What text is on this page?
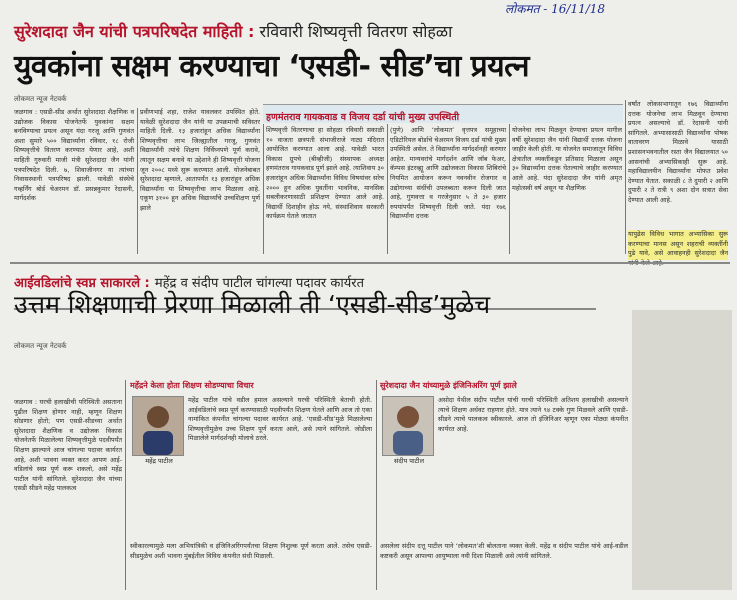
लोकमत - 16/11/18
सुरेशदादा जैन यांची पत्रपरिषदेत माहिती : रविवारी शिष्यवृत्ती वितरण सोहळा
युवकांना सक्षम करण्याचा ‘एसडी- सीड’चा प्रयत्न
लोकमत न्यूज नेटवर्क
हणमंतराव गायकवाड व विजय दर्डा यांची मुख्य उपस्थिती
जळगाव : एसडी-सीड अर्थात सुरेशदादा शैक्षणिक व उद्योजक विकास योजनेतर्फे युवकांना सक्षम बनविण्याचा प्रयत्न असून यंदा गरजू आणि गुणवंत अशा सुमारे ५०० विद्यार्थ्यांना रविवार, १८ रोजी शिष्यवृत्तीचे वितरण करण्यात येणार आहे, अशी माहिती गुरुवारी माजी मंत्री सुरेशदादा जैन यांनी पत्रपरिषदेत दिली. ७, शिवाजीनगर या त्यांच्या निवासस्थानी पत्रपरिषद झाली. यावेळी संस्थेचे गव्हर्निंग बोर्ड चेअरमन डॉ. प्रसन्नकुमार रेदासनी, मार्गदर्शक
प्रवीणभाई शहा, राजेश यावलकर उपस्थित होते. यावेळी सुरेशदादा जैन यांनी या उपक्रमाची सविस्तर माहिती दिली. १३ हजारांहून अधिक विद्यार्थ्यांना शिष्यवृत्तीचा लाभ जिल्ह्यातील गरजू, गुणवंत विद्यार्थ्यांनी त्यांचे शिक्षण निर्विघ्नपणे पूर्ण करावे, त्यातून सक्षम बनावे या उद्देशाने ही शिष्यवृत्ती योजना जून २००८ मध्ये सुरू करण्यात आली. योजनेबाबत सुरेशदादा म्हणाले, आतापर्यंत १३ हजारांहून अधिक विद्यार्थ्यांना या शिष्यवृत्तीचा लाभ मिळाला आहे. एकूण ३१०० हून अधिक विद्यार्थ्यांचे उच्चशिक्षण पूर्ण झाले
शिष्यवृत्ती वितरणाचा हा सोहळा रविवारी सकाळी १० वाजता छत्रपती संभाजीराजे नाट्य मंदिरात आयोजित करण्यात आला आहे. यावेळी भारत विकास ग्रुपचे (बीव्हीजी) संस्थापक अध्यक्ष हणमंतराव गायकवाड पूर्ण झाले आहे. त्याशिवाय ३० हजारांहून अधिक विद्यार्थ्यांना विविध विषयांवर सरेच २००० हून अधिक युवतींना भावनिक, मानसिक सबलीकरणासाठी प्रशिक्षण देण्यात आले आहे. विद्यार्थी दिशाहीन होऊ नये, संस्थांशिवाय सरकारी कार्यक्रम घेतले जातात
(पुणे) आणि ‘लोकमत’ वृत्तपत्र समूहाच्या एडिटोरियल बोर्डाचे चेअरमन विजय दर्डा यांची मुख्य उपस्थिती असेल. ते विद्यार्थ्यांना मार्गदर्शनही करणार आहेत. मान्यवरांचे मार्गदर्शन आणि जॉब फेअर, कॅम्पस इंटरव्ह्यू आणि उद्योजकता विकास शिबिरांचे नियमित आयोजन करून नवनवीन रोजगार व उद्योगाच्या संधींची उपलब्धता करून दिली जात आहे, गुणवत्ता व गरजेनुसार ५ ते ३० हजार रुपयांपर्यंत शिष्यवृत्ती दिली जाते. यंदा १७६ विद्यार्थ्यांना दत्तक
योजनेचा लाभ मिळवून देण्याचा प्रयत्न मागील वर्षी सुरेशदादा जैन यांनी विद्यार्थी दत्तक योजना जाहीर केली होती. या योजनेत समाजातून विविध क्षेत्रातील व्यक्तींकडून प्रतिसाद मिळाला असून ३० विद्यार्थ्यांना दत्तक घेतल्याचे जाहीर करण्यात आले आहे. यंदा सुरेशदादा जैन यांनी अमृत महोत्सवी वर्ष असून या शैक्षणिक
वर्षांत लोकसभागातून १७६ विद्यार्थ्यांना दत्तक योजनेचा लाभ मिळवून देण्याचा प्रयत्न असल्याचे डॉ. रेदासनी यांनी सांगितले. अभ्यासासाठी विद्यार्थ्यांना पोषक वातावरण मिळावे यासाठी प्रशासनभवनातील रस्ता जैन विद्यालयात ५० आसनांची अभ्यासिकाही सुरू आहे. महाविद्यालयीन विद्यार्थ्यांना मोफत प्रवेश देण्यात येतात. सकाळी ८ ते दुपारी २ आणि दुपारी २ ते रात्री ९ अशा दोन सत्रात सेवा देण्यात आली आहे.
यापुढेस विविध भागात अभ्यासिका सुरू करण्याचा मानस असून शहराची व्यक्तींनी पुढे यावे, असे आवाहनही सुरेशदादा जैन
आईवडिलांचे स्वप्न साकारले : महेंद्र व संदीप पाटील चांगल्या पदावर कार्यरत
उत्तम शिक्षणाची प्रेरणा मिळाली ती ‘एसडी-सीड’मुळेच
लोकमत न्यूज नेटवर्क
जळगाव : घरची हलाखीची परिस्थिती असताना पुढील शिक्षण होणार नाही, म्हणून शिक्षण सोडणार होतो; पण एसडी-सीडच्या अर्थात सुरेशदादा शैक्षणिक व उद्योजक विकास योजनेतर्फे मिळालेल्या शिष्यवृत्तीमुळे पदवीपर्यंत शिक्षण झाल्याने आज चांगल्या पदावर कार्यरत आहे, अशी भावना व्यक्त करत आपण आई-वडिलांचे स्वप्न पूर्ण करू शकलो, असे महेंद्र पाटील यांनी सांगितले. सुरेशदादा जैन यांच्या एसडी सीडने महेंद्र पालकत्व
महेंद्रने केला होता शिक्षण सोडण्याचा विचार
महेंद्र पाटील
महेंद्र पाटील यांचे वडील हमाल असल्याने घरची परिस्थिती बेताची होती. आईवडिलांचे स्वप्न पूर्ण करण्यासाठी पदवीपर्यंत शिक्षण घेतले आणि आज तो एका नामांकित कंपनीत चांगल्या पदावर कार्यरत आहे. ‘एसडी-सीड’मुळे मिळालेल्या शिष्यवृत्तीमुळेच उच्च शिक्षण पूर्ण करता आले, असे त्याने सांगितले. जोडीला मिळालेले मार्गदर्शनही मोलाचे ठरले.
स्वीकारल्यामुळे मला अभियांत्रिकी व इंजिनिअरिंगपर्यंतचा शिक्षण निशुल्क पूर्ण करता आले. तसेच एसडी-सीडमुळेच अशी भावना मुंबईतील विविध कंपनीत संधी मिळाली.
सुरेशदादा जैन यांच्यामुळे इंजिनिअरिंग पूर्ण झाले
संदीप पाटील
असोदा येथील संदीप पाटील यांची घरची परिस्थिती अतिशय हलाखीची असल्याने त्याचे शिक्षण अर्धवट राहणार होते. मात्र त्याने ९४ टक्के गुण मिळवले आणि एसडी-सीडने त्याचे पालकत्व स्वीकारले. आज तो इंजिनिअर म्हणून एका मोठ्या कंपनीत कार्यरत आहे.
असलेला संदीप दत्तू पाटील याने ‘लोकमत’शी बोलताना व्यक्त केली. महेंद्र व संदीप पाटील यांचे आई-वडील कष्टकरी असून आपल्या आयुष्याला नवी दिशा मिळाली असे त्यांनी सांगितले.
